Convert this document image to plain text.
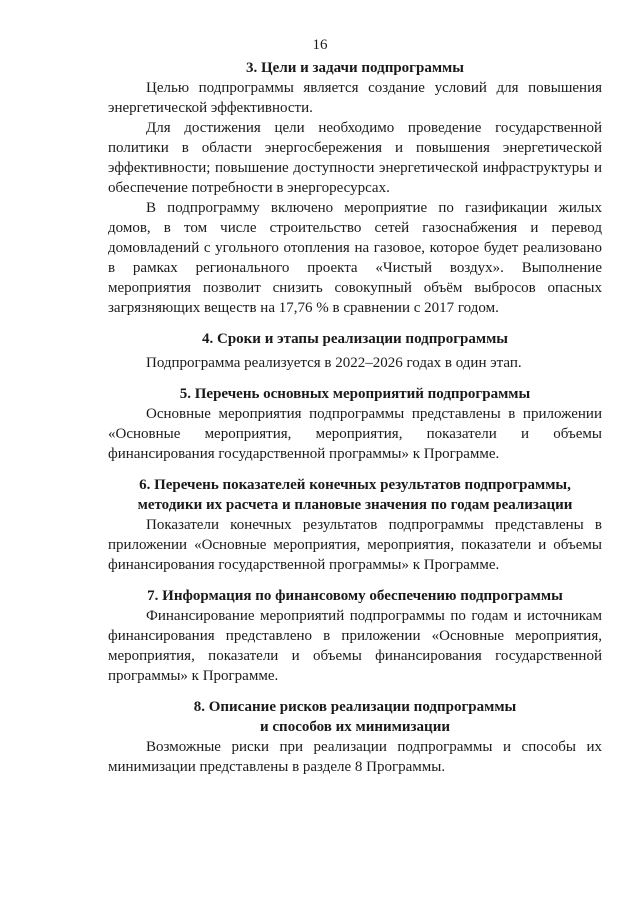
16
3. Цели и задачи подпрограммы

Целью подпрограммы является создание условий для повышения энергетической эффективности.

Для достижения цели необходимо проведение государственной политики в области энергосбережения и повышения энергетической эффективности; повышение доступности энергетической инфраструктуры и обеспечение потребности в энергоресурсах.

В подпрограмму включено мероприятие по газификации жилых домов, в том числе строительство сетей газоснабжения и перевод домовладений с угольного отопления на газовое, которое будет реализовано в рамках регионального проекта «Чистый воздух». Выполнение мероприятия позволит снизить совокупный объём выбросов опасных загрязняющих веществ на 17,76 % в сравнении с 2017 годом.

4. Сроки и этапы реализации подпрограммы

Подпрограмма реализуется в 2022–2026 годах в один этап.

5. Перечень основных мероприятий подпрограммы

Основные мероприятия подпрограммы представлены в приложении «Основные мероприятия, мероприятия, показатели и объемы финансирования государственной программы» к Программе.

6. Перечень показателей конечных результатов подпрограммы,
методики их расчета и плановые значения по годам реализации

Показатели конечных результатов подпрограммы представлены в приложении «Основные мероприятия, мероприятия, показатели и объемы финансирования государственной программы» к Программе.

7. Информация по финансовому обеспечению подпрограммы

Финансирование мероприятий подпрограммы по годам и источникам финансирования представлено в приложении «Основные мероприятия, мероприятия, показатели и объемы финансирования государственной программы» к Программе.

8. Описание рисков реализации подпрограммы
и способов их минимизации

Возможные риски при реализации подпрограммы и способы их минимизации представлены в разделе 8 Программы.
